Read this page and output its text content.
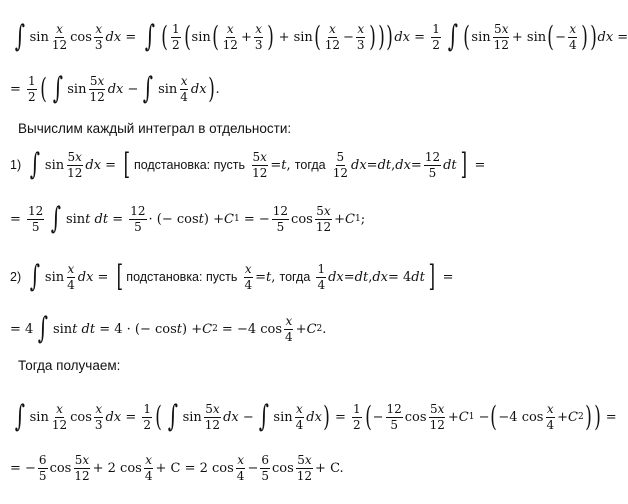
∫ $\sin \frac{x}{12}$ $\cos \frac{x}{3}$ dx = ∫ ( $\frac{1}{2}$ ( sin ( $\frac{x}{12} + \frac{x}{3}$ ) + sin ( $\frac{x}{12} - \frac{x}{3}$ ) ) ) dx = $\frac{1}{2}$ ∫ ( $\sin \frac{5x}{12} + \sin$ ( − $\frac{x}{4}$ ) ) dx =
= $\frac{1}{2}$ ( ∫ $\sin \frac{5x}{12}$ dx − ∫ $\sin \frac{x}{4}$ dx ) .
Вычислим каждый интеграл в отдельности:
1)
∫ $\sin \frac{5x}{12}$ dx = [ подстановка: пусть
$\frac{5x}{12} = t$ , тогда
$\frac{5}{12}$ dx = dt , dx = $\frac{12}{5}$ dt ] =
= $\frac{12}{5}$ ∫ sin t
dt = $\frac{12}{5}$ · (− cos t ) + C 1 = − $\frac{12}{5}$ $\cos \frac{5x}{12} + C$ 1 ;
2)
∫ $\sin \frac{x}{4}$ dx = [ подстановка: пусть
$\frac{x}{4} = t$ , тогда
$\frac{1}{4}$ dx = dt , dx = 4 dt ] =
= 4 ∫ sin t
dt = 4 · (− cos t ) + C 2 = −4 $\cos \frac{x}{4} + C$ 2 .
Тогда получаем:
∫ $\sin \frac{x}{12}$ $\cos \frac{x}{3}$ dx = $\frac{1}{2}$ ( ∫ $\sin \frac{5x}{12}$ dx − ∫ $\sin \frac{x}{4}$ dx ) = $\frac{1}{2}$ ( − $\frac{12}{5}$ $\cos \frac{5x}{12} + C$ 1 − ( −4 $\cos \frac{x}{4} + C$ 2 ) ) =
= − $\frac{6}{5}$ $\cos \frac{5x}{12} + 2$ $\cos \frac{x}{4} + C = 2$ $\cos \frac{x}{4} - \frac{6}{5}$ $\cos \frac{5x}{12} + C$.
